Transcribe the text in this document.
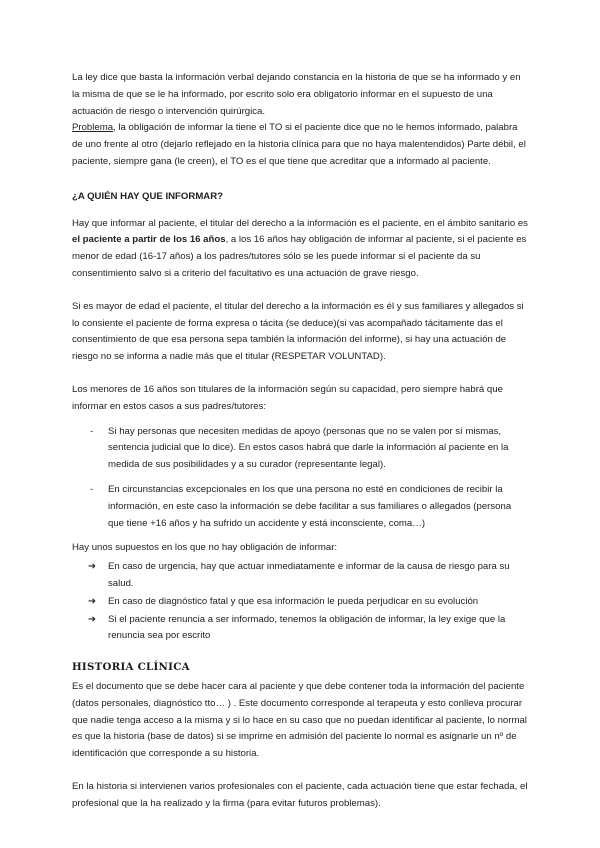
La ley dice que basta la información verbal dejando constancia en la historia de que se ha informado y en la misma de que se le ha informado, por escrito solo era obligatorio informar en el supuesto de una actuación de riesgo o intervención quirúrgica.

Problema, la obligación de informar la tiene el TO si el paciente dice que no le hemos informado, palabra de uno frente al otro (dejarlo reflejado en la historia clínica para que no haya malentendidos) Parte débil, el paciente, siempre gana (le creen), el TO es el que tiene que acreditar que a informado al paciente.

¿A QUIÉN HAY QUE INFORMAR?

Hay que informar al paciente, el titular del derecho a la información es el paciente, en el ámbito sanitario es el paciente a partir de los 16 años, a los 16 años hay obligación de informar al paciente, si el paciente es menor de edad (16-17 años) a los padres/tutores sólo se les puede informar si el paciente da su consentimiento salvo si a criterio del facultativo es una actuación de grave riesgo.

Si es mayor de edad el paciente, el titular del derecho a la información es él y sus familiares y allegados si lo consiente el paciente de forma expresa o tácita (se deduce)(si vas acompañado tácitamente das el consentimiento de que esa persona sepa también la información del informe), si hay una actuación de riesgo no se informa a nadie más que el titular (RESPETAR VOLUNTAD).

Los menores de 16 años son titulares de la información según su capacidad, pero siempre habrá que informar en estos casos a sus padres/tutores:

- Si hay personas que necesiten medidas de apoyo (personas que no se valen por sí mismas, sentencia judicial que lo dice). En estos casos habrá que darle la información al paciente en la medida de sus posibilidades y a su curador (representante legal).
- En circunstancias excepcionales en los que una persona no esté en condiciones de recibir la información, en este caso la información se debe facilitar a sus familiares o allegados (persona que tiene +16 años y ha sufrido un accidente y está inconsciente, coma…)

Hay unos supuestos en los que no hay obligación de informar:

➔ En caso de urgencia, hay que actuar inmediatamente e informar de la causa de riesgo para su salud.
➔ En caso de diagnóstico fatal y que esa información le pueda perjudicar en su evolución
➔ Si el paciente renuncia a ser informado, tenemos la obligación de informar, la ley exige que la renuncia sea por escrito

HISTORIA CLÍNICA

Es el documento que se debe hacer cara al paciente y que debe contener toda la información del paciente (datos personales, diagnóstico tto… ) . Este documento corresponde al terapeuta y esto conlleva procurar que nadie tenga acceso a la misma y si lo hace en su caso que no puedan identificar al paciente, lo normal es que la historia (base de datos) si se imprime en admisión del paciente lo normal es asignarle un nº de identificación que corresponde a su historia.

En la historia si intervienen varios profesionales con el paciente, cada actuación tiene que estar fechada, el profesional que la ha realizado y la firma (para evitar futuros problemas).
